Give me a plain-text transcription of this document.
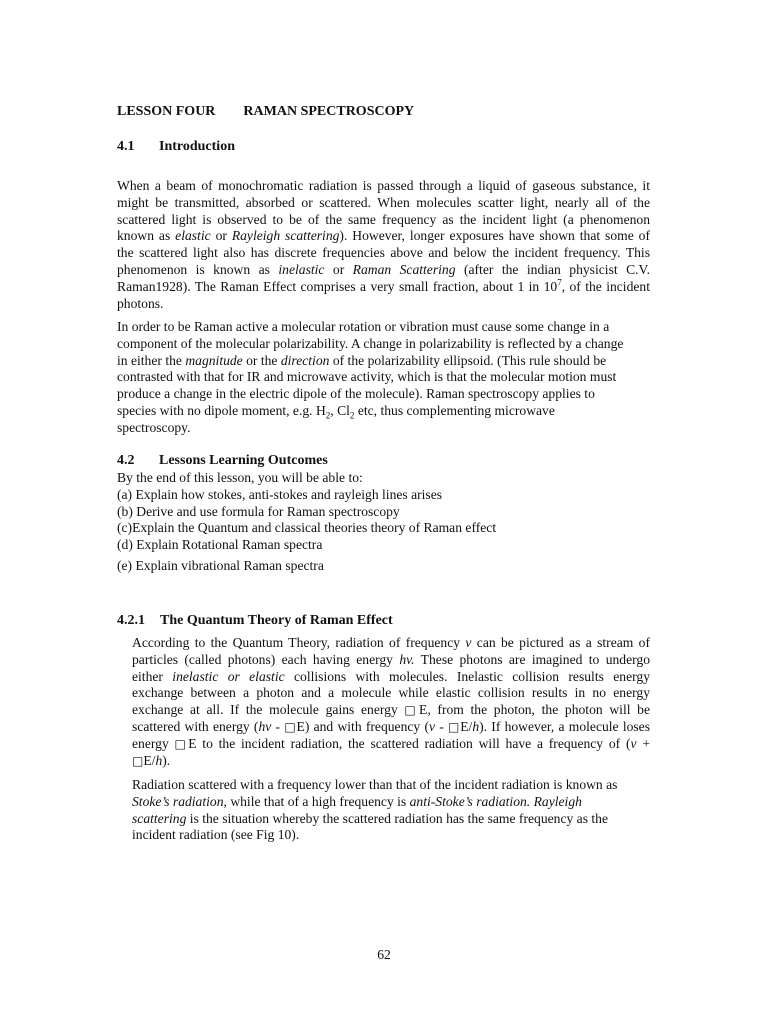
LESSON FOUR RAMAN SPECTROSCOPY
4.1 Introduction

When a beam of monochromatic radiation is passed through a liquid of gaseous substance, it
might be transmitted, absorbed or scattered. When molecules scatter light, nearly all of the
scattered light is observed to be of the same frequency as the incident light (a phenomenon
known as elastic or Rayleigh scattering). However, longer exposures have shown that some of
the scattered light also has discrete frequencies above and below the incident frequency. This
phenomenon is known as inelastic or Raman Scattering (after the indian physicist C.V.
Raman1928). The Raman Effect comprises a very small fraction, about 1 in $10^7$, of the incident
photons.

In order to be Raman active a molecular rotation or vibration must cause some change in a
component of the molecular polarizability. A change in polarizability is reflected by a change
in either the magnitude or the direction of the polarizability ellipsoid. (This rule should be
contrasted with that for IR and microwave activity, which is that the molecular motion must
produce a change in the electric dipole of the molecule). Raman spectroscopy applies to
species with no dipole moment, e.g. $H_2$, $Cl_2$ etc, thus complementing microwave
spectroscopy.

4.2 Lessons Learning Outcomes
By the end of this lesson, you will be able to:
(a) Explain how stokes, anti-stokes and rayleigh lines arises
(b) Derive and use formula for Raman spectroscopy
(c)Explain the Quantum and classical theories theory of Raman effect
(d) Explain Rotational Raman spectra
(e) Explain vibrational Raman spectra
4.2.1 The Quantum Theory of Raman Effect

According to the Quantum Theory, radiation of frequency v can be pictured as a stream of
particles (called photons) each having energy hv. These photons are imagined to undergo
either inelastic or elastic collisions with molecules. Inelastic collision results energy
exchange between a photon and a molecule while elastic collision results in no energy
exchange at all. If the molecule gains energy □E, from the photon, the photon will be
scattered with energy (hv - □E) and with frequency (v - □E/h). If however, a molecule loses
energy □E to the incident radiation, the scattered radiation will have a frequency of (v +
□E/h).

Radiation scattered with a frequency lower than that of the incident radiation is known as
Stoke’s radiation, while that of a high frequency is anti-Stoke’s radiation. Rayleigh
scattering is the situation whereby the scattered radiation has the same frequency as the
incident radiation (see Fig 10).

62
